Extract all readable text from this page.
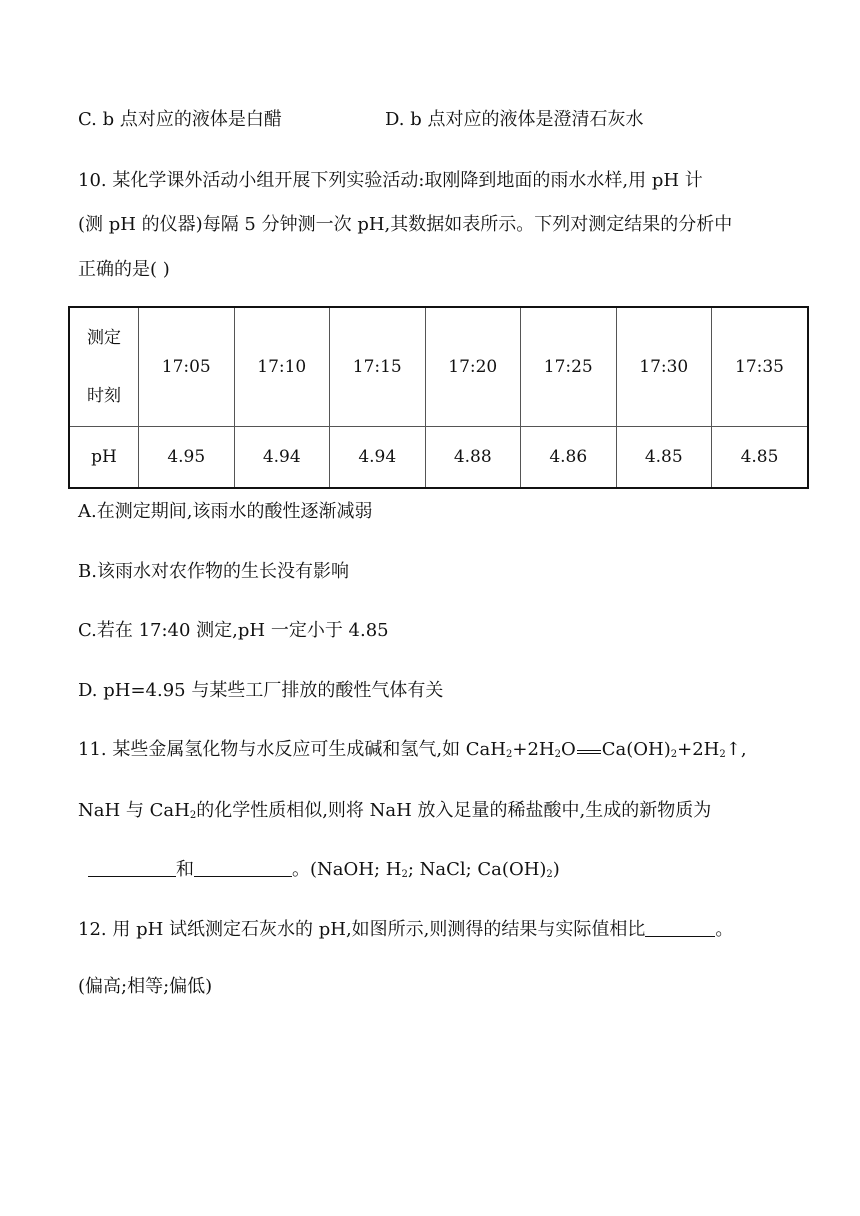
C. b 点对应的液体是白醋	D. b 点对应的液体是澄清石灰水
10. 某化学课外活动小组开展下列实验活动:取刚降到地面的雨水水样,用 pH 计
(测 pH 的仪器)每隔 5 分钟测一次 pH,其数据如表所示。下列对测定结果的分析中
正确的是( )
测定
时刻	17:05	17:10	17:15	17:20	17:25	17:30	17:35
pH	4.95	4.94	4.94	4.88	4.86	4.85	4.85
A.在测定期间,该雨水的酸性逐渐减弱
B.该雨水对农作物的生长没有影响
C.若在 17:40 测定,pH 一定小于 4.85
D. pH=4.95 与某些工厂排放的酸性气体有关
11. 某些金属氢化物与水反应可生成碱和氢气,如 $CaH_2+2H_2O$ $Ca(OH)_2+2H_2↑$,
NaH 与 CaH$_2$的化学性质相似,则将 NaH 放入足量的稀盐酸中,生成的新物质为
和	。(NaOH; $H_2$; NaCl; $Ca(OH)_2$)
12. 用 pH 试纸测定石灰水的 pH,如图所示,则测得的结果与实际值相比	。
(偏高;相等;偏低)
